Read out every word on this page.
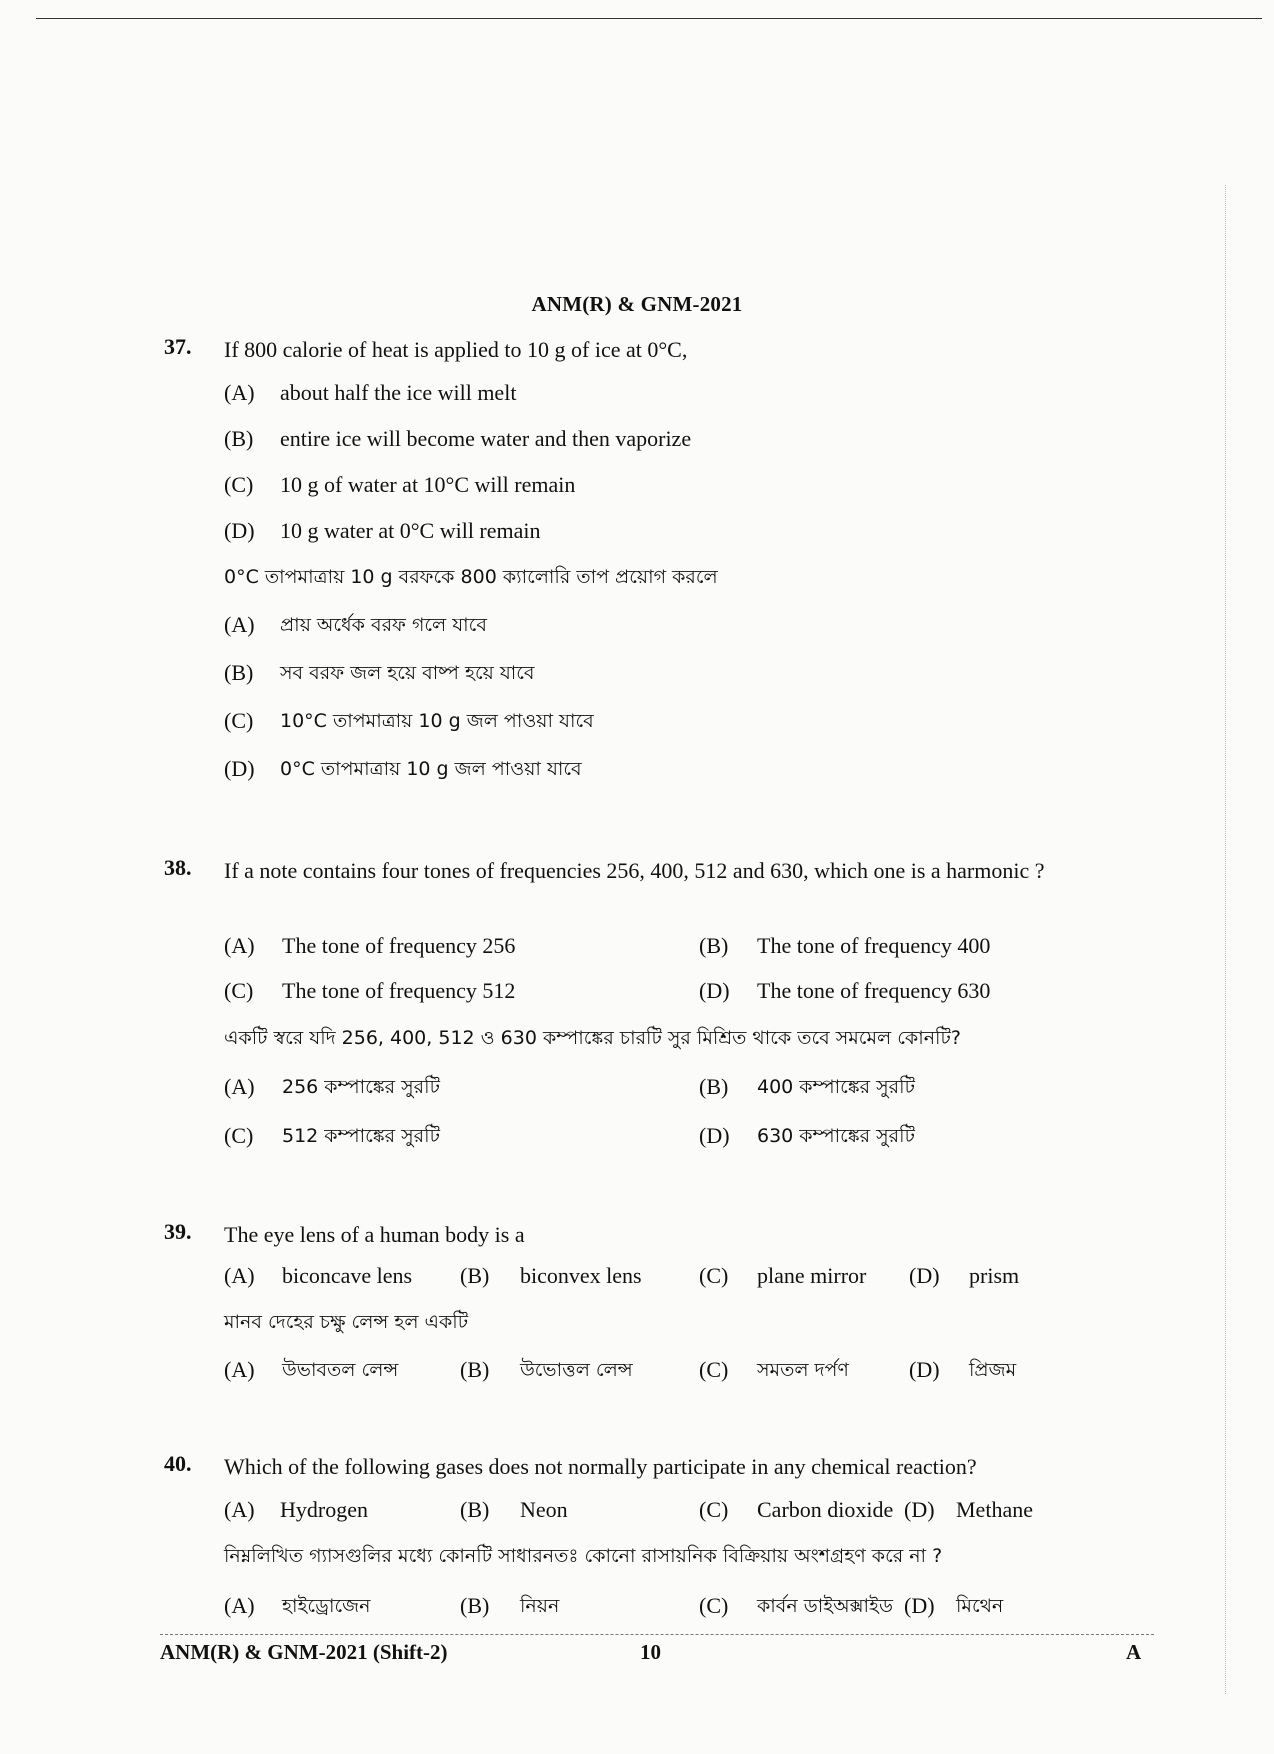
ANM(R) & GNM-2021
37. If 800 calorie of heat is applied to 10 g of ice at 0°C,
(A) about half the ice will melt
(B) entire ice will become water and then vaporize
(C) 10 g of water at 10°C will remain
(D) 10 g water at 0°C will remain
0°C তাপমাত্রায় 10 g বরফকে 800 ক্যালোরি তাপ প্রয়োগ করলে
(A) প্রায় অর্ধেক বরফ গলে যাবে
(B) সব বরফ জল হয়ে বাষ্প হয়ে যাবে
(C) 10°C তাপমাত্রায় 10 g জল পাওয়া যাবে
(D) 0°C তাপমাত্রায় 10 g জল পাওয়া যাবে
38. If a note contains four tones of frequencies 256, 400, 512 and 630, which one is a harmonic ?
(A) The tone of frequency 256	(B) The tone of frequency 400
(C) The tone of frequency 512	(D) The tone of frequency 630
একটি স্বরে যদি 256, 400, 512 ও 630 কম্পাঙ্কের চারটি সুর মিশ্রিত থাকে তবে সমমেল কোনটি?
(A) 256 কম্পাঙ্কের সুরটি	(B) 400 কম্পাঙ্কের সুরটি
(C) 512 কম্পাঙ্কের সুরটি	(D) 630 কম্পাঙ্কের সুরটি
39. The eye lens of a human body is a
(A) biconcave lens (B) biconvex lens	(C) plane mirror (D) prism
মানব দেহের চক্ষু লেন্স হল একটি
(A) উভাবতল লেন্স	(B) উভোত্তল লেন্স	(C) সমতল দর্পণ	(D) প্রিজম
40. Which of the following gases does not normally participate in any chemical reaction?
(A) Hydrogen	(B) Neon	(C) Carbon dioxide (D) Methane
নিম্নলিখিত গ্যাসগুলির মধ্যে কোনটি সাধারনতঃ কোনো রাসায়নিক বিক্রিয়ায় অংশগ্রহণ করে না ?
(A) হাইড্রোজেন	(B) নিয়ন	(C) কার্বন ডাইঅক্সাইড (D) মিথেন
ANM(R) & GNM-2021 (Shift-2)	10	A
